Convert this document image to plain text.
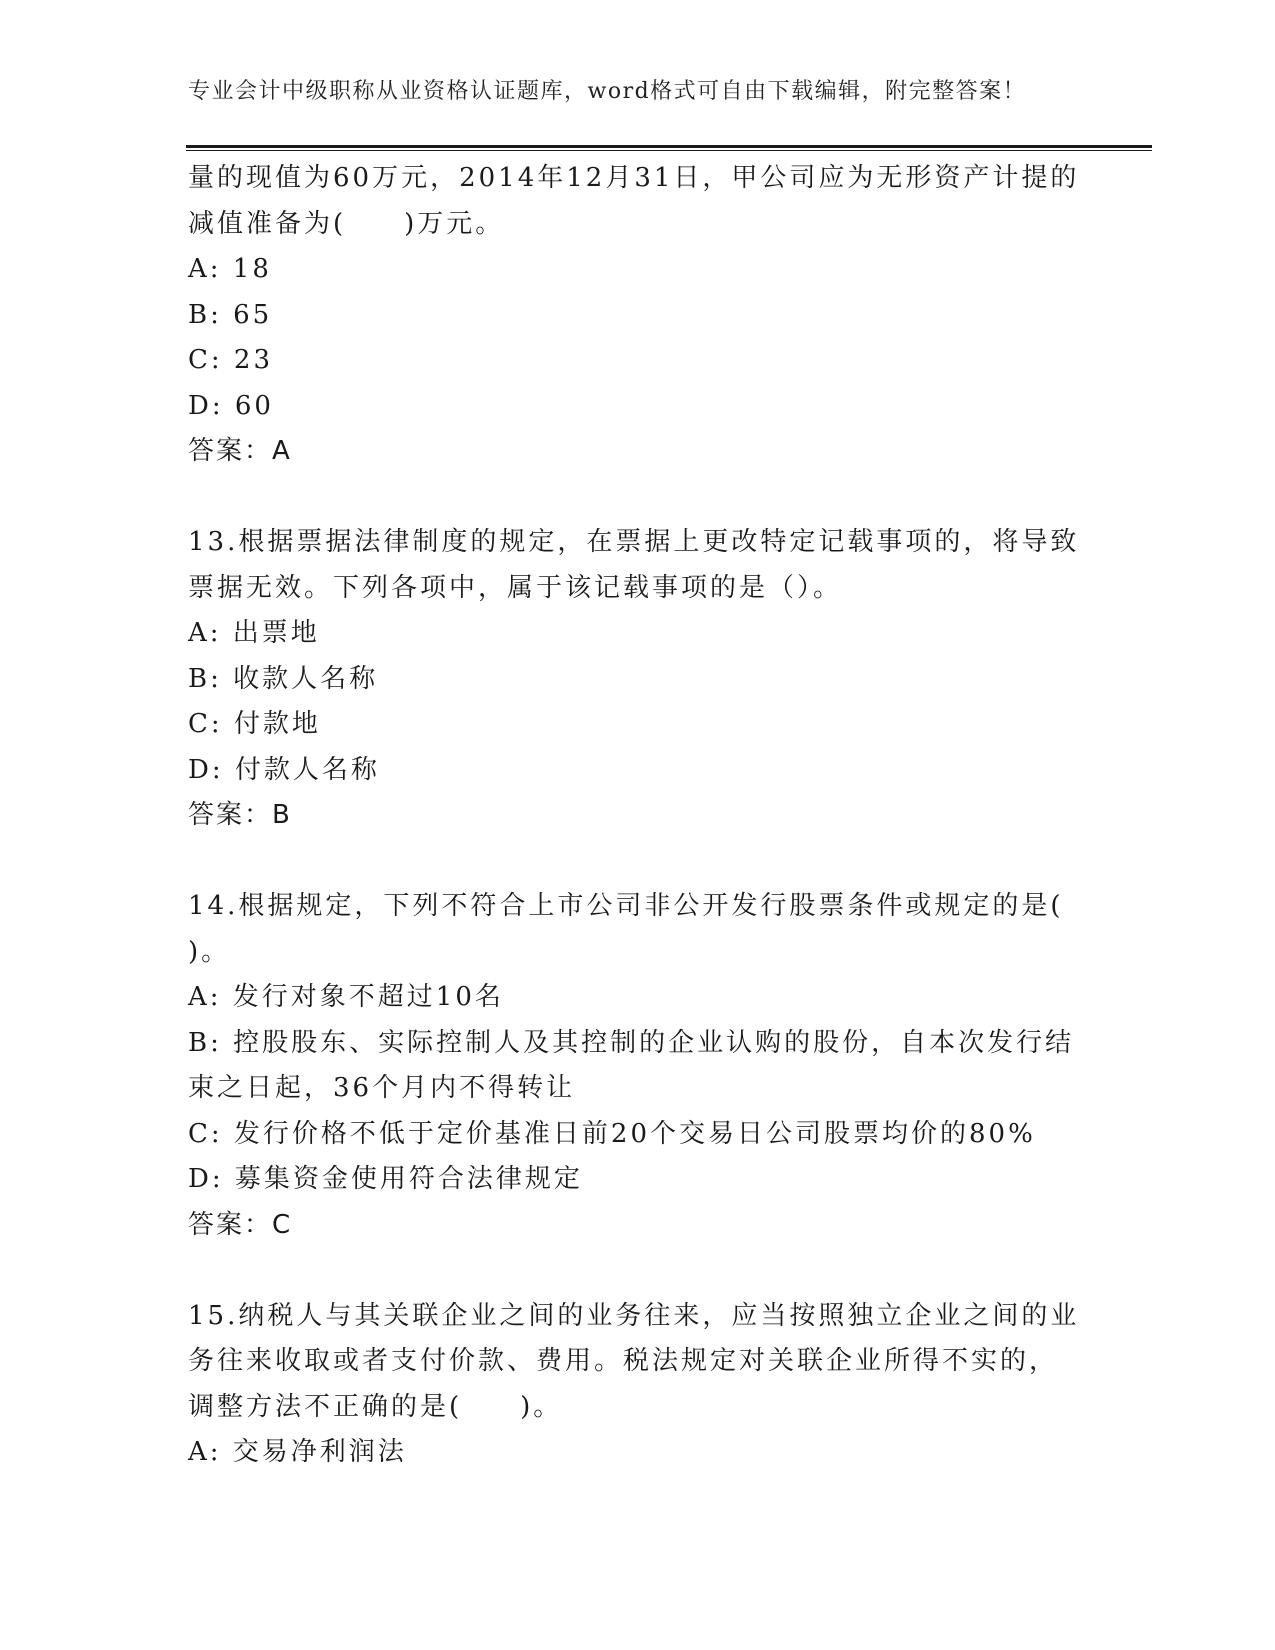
专业会计中级职称从业资格认证题库，word格式可自由下载编辑，附完整答案！
量的现值为60万元，2014年12月31日，甲公司应为无形资产计提的
减值准备为(　　)万元。
A: 18
B: 65
C: 23
D: 60
答案：A
13.根据票据法律制度的规定，在票据上更改特定记载事项的，将导致
票据无效。下列各项中，属于该记载事项的是（）。
A: 出票地
B: 收款人名称
C: 付款地
D: 付款人名称
答案：B
14.根据规定，下列不符合上市公司非公开发行股票条件或规定的是(
)。
A: 发行对象不超过10名
B: 控股股东、实际控制人及其控制的企业认购的股份，自本次发行结
束之日起，36个月内不得转让
C: 发行价格不低于定价基准日前20个交易日公司股票均价的80%
D: 募集资金使用符合法律规定
答案：C
15.纳税人与其关联企业之间的业务往来，应当按照独立企业之间的业
务往来收取或者支付价款、费用。税法规定对关联企业所得不实的，
调整方法不正确的是(　　)。
A: 交易净利润法
